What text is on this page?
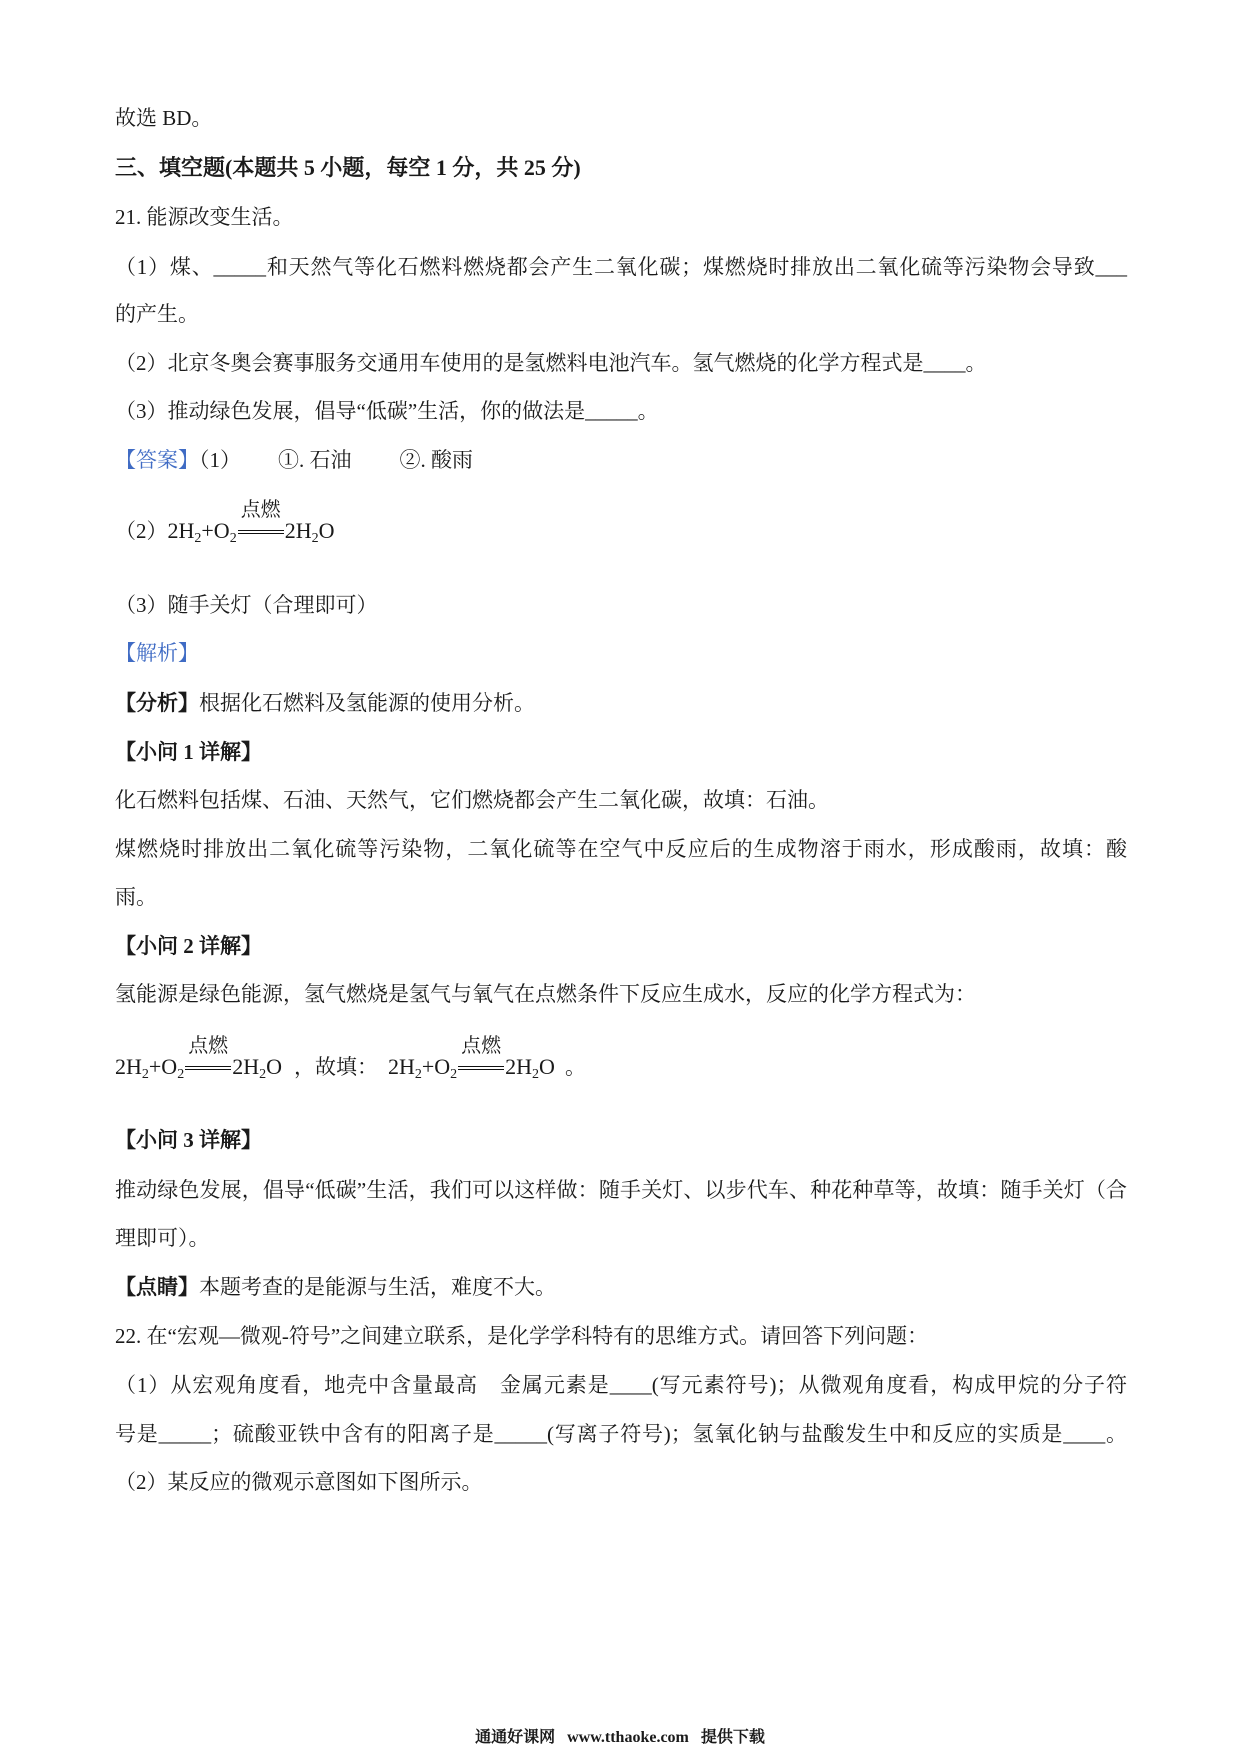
故选 BD。
三、填空题(本题共 5 小题，每空 1 分，共 25 分)
21. 能源改变生活。
（1）煤、_____和天然气等化石燃料燃烧都会产生二氧化碳；煤燃烧时排放出二氧化硫等污染物会导致___
的产生。
（2）北京冬奥会赛事服务交通用车使用的是氢燃料电池汽车。氢气燃烧的化学方程式是____。
（3）推动绿色发展，倡导“低碳”生活，你的做法是_____。
【答案】（1） ①. 石油 ②. 酸雨
$(2)2H_2+O_2$
点燃
$2H_2O$
（3）随手关灯（合理即可）
【解析】
【分析】根据化石燃料及氢能源的使用分析。
【小问 1 详解】
化石燃料包括煤、石油、天然气，它们燃烧都会产生二氧化碳，故填：石油。
煤燃烧时排放出二氧化硫等污染物，二氧化硫等在空气中反应后的生成物溶于雨水，形成酸雨，故填：酸
雨。
【小问 2 详解】
氢能源是绿色能源，氢气燃烧是氢气与氧气在点燃条件下反应生成水，反应的化学方程式为：
$2H_2+O_2$
点燃
$2H_2O$ ，故填： $2H_2+O_2$
点燃
$2H_2O$ 。
【小问 3 详解】
推动绿色发展，倡导“低碳”生活，我们可以这样做：随手关灯、以步代车、种花种草等，故填：随手关灯（合
理即可）。
【点睛】本题考查的是能源与生活，难度不大。
22. 在“宏观—微观-符号”之间建立联系，是化学学科特有的思维方式。请回答下列问题：
（1）从宏观角度看，地壳中含量最高　金属元素是____(写元素符号)；从微观角度看，构成甲烷的分子符
号是_____；硫酸亚铁中含有的阳离子是_____(写离子符号)；氢氧化钠与盐酸发生中和反应的实质是____。
（2）某反应的微观示意图如下图所示。
通通好课网 www.tthaoke.com 提供下载
